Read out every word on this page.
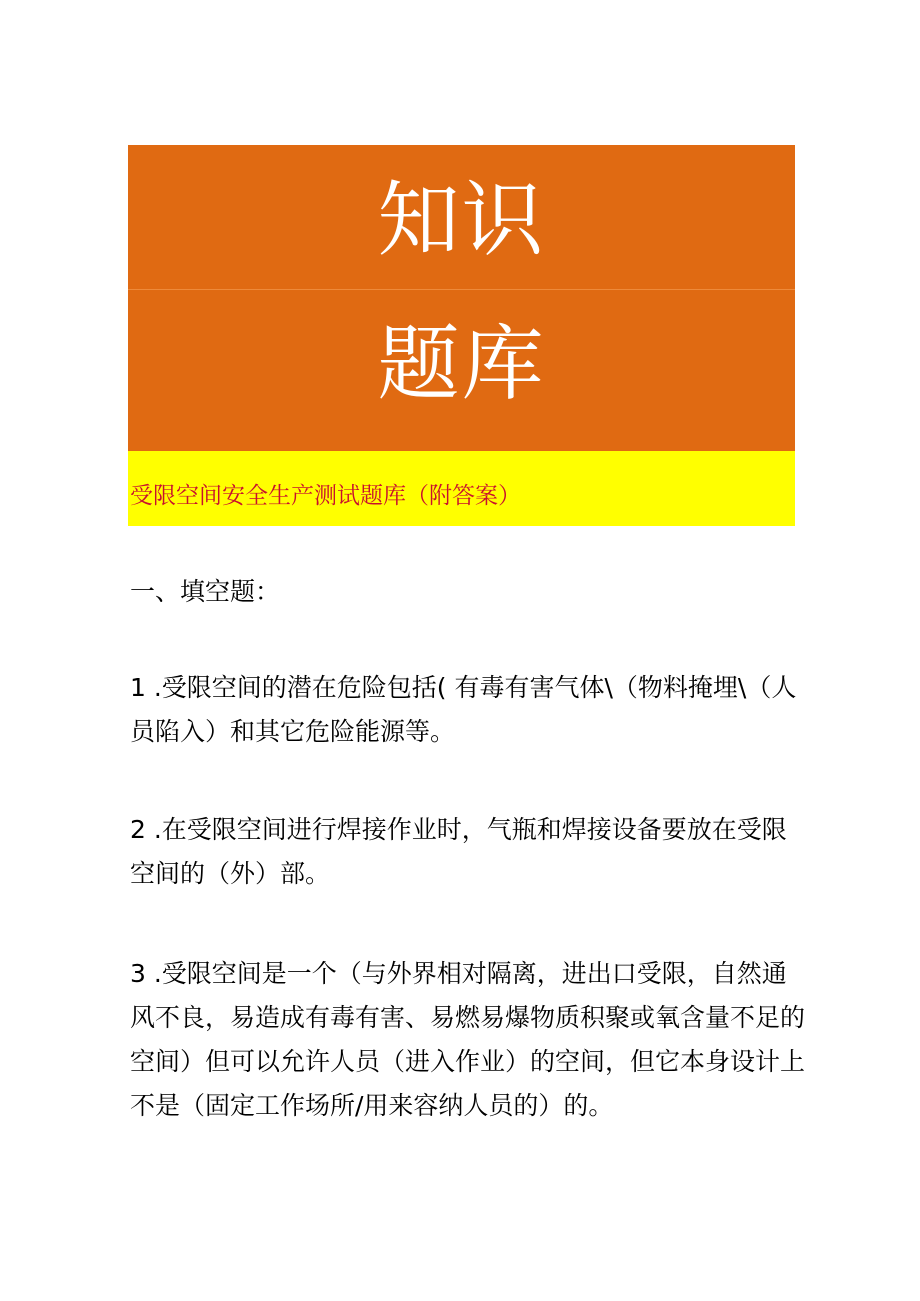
知识
题库
受限空间安全生产测试题库（附答案）
一、填空题：
1 .受限空间的潜在危险包括( 有毒有害气体\（物料掩埋\（人
员陷入）和其它危险能源等。
2 .在受限空间进行焊接作业时，气瓶和焊接设备要放在受限
空间的（外）部。
3 .受限空间是一个（与外界相对隔离，进出口受限，自然通
风不良，易造成有毒有害、易燃易爆物质积聚或氧含量不足的
空间）但可以允许人员（进入作业）的空间，但它本身设计上
不是（固定工作场所/用来容纳人员的）的。
